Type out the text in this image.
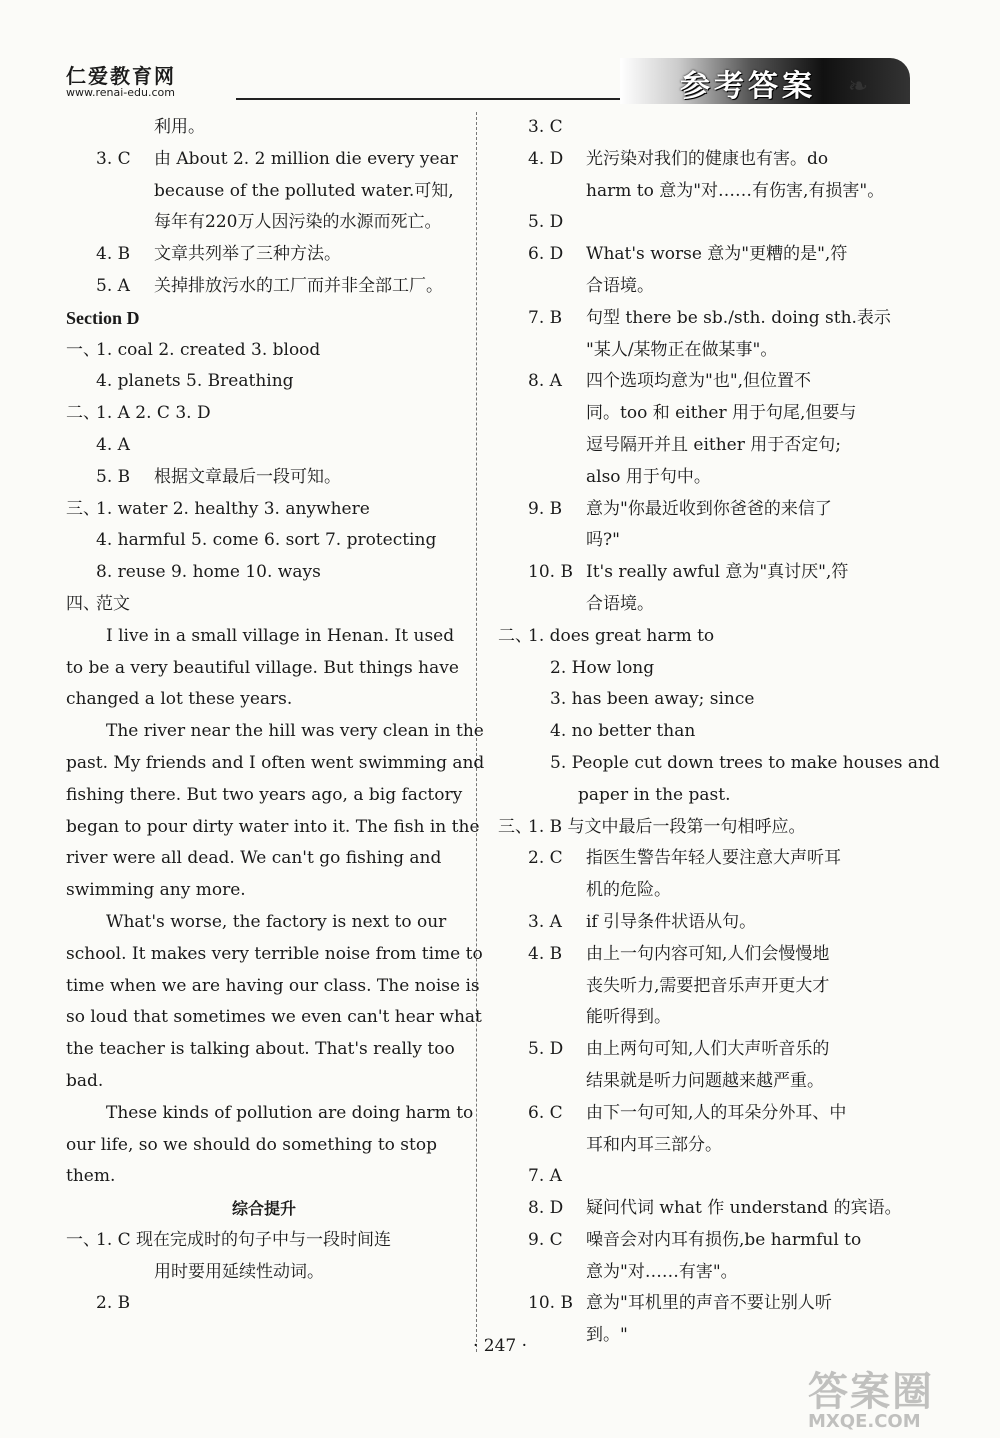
仁爱教育网
www.renai-edu.com	参考答案 ❧
利用。
3. C 由 About 2. 2 million die every year
because of the polluted water.可知,
每年有220万人因污染的水源而死亡。
4. B 文章共列举了三种方法。
5. A 关掉排放污水的工厂而并非全部工厂。
Section D
一、
1. coal 2. created 3. blood
4. planets 5. Breathing
二、
1. A 2. C 3. D
4. A
5. B 根据文章最后一段可知。
三、
1. water 2. healthy 3. anywhere
4. harmful 5. come 6. sort 7. protecting
8. reuse 9. home 10. ways
四、
范文
I live in a small village in Henan. It used
to be a very beautiful village. But things have
changed a lot these years.
The river near the hill was very clean in the
past. My friends and I often went swimming and
fishing there. But two years ago, a big factory
began to pour dirty water into it. The fish in the
river were all dead. We can't go fishing and
swimming any more.
What's worse, the factory is next to our
school. It makes very terrible noise from time to
time when we are having our class. The noise is
so loud that sometimes we even can't hear what
the teacher is talking about. That's really too
bad.
These kinds of pollution are doing harm to
our life, so we should do something to stop
them.
综合提升
一、
1. C 现在完成时的句子中与一段时间连
用时要用延续性动词。
2. B
3. C
4. D 光污染对我们的健康也有害。do
harm to 意为"对……有伤害,有损害"。
5. D
6. D What's worse 意为"更糟的是",符
合语境。
7. B 句型 there be sb./sth. doing sth.表示
"某人/某物正在做某事"。
8. A 四个选项均意为"也",但位置不
同。too 和 either 用于句尾,但要与
逗号隔开并且 either 用于否定句;
also 用于句中。
9. B 意为"你最近收到你爸爸的来信了
吗?"
10. B It's really awful 意为"真讨厌",符
合语境。
二、
1. does great harm to
2. How long
3. has been away; since
4. no better than
5. People cut down trees to make houses and
paper in the past.
三、
1. B 与文中最后一段第一句相呼应。
2. C 指医生警告年轻人要注意大声听耳
机的危险。
3. A if 引导条件状语从句。
4. B 由上一句内容可知,人们会慢慢地
丧失听力,需要把音乐声开更大才
能听得到。
5. D 由上两句可知,人们大声听音乐的
结果就是听力问题越来越严重。
6. C 由下一句可知,人的耳朵分外耳、中
耳和内耳三部分。
7. A
8. D 疑问代词 what 作 understand 的宾语。
9. C 噪音会对内耳有损伤,be harmful to
意为"对……有害"。
10. B 意为"耳机里的声音不要让别人听
到。"
· 247 ·
答案圈
MXQE.COM
